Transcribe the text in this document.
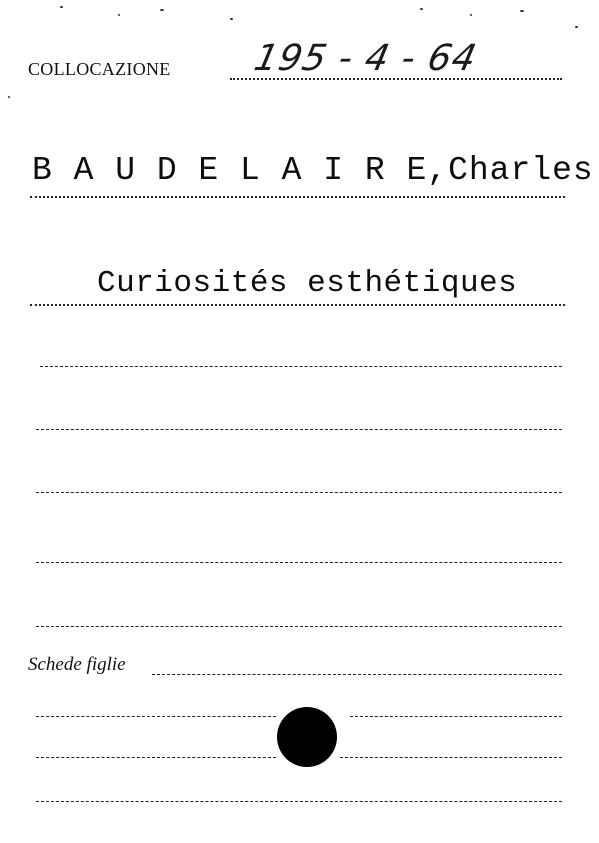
COLLOCAZIONE 195 - 4 - 64
B A U D E L A I R E,Charles
Curiosités esthétiques
Schede figlie
